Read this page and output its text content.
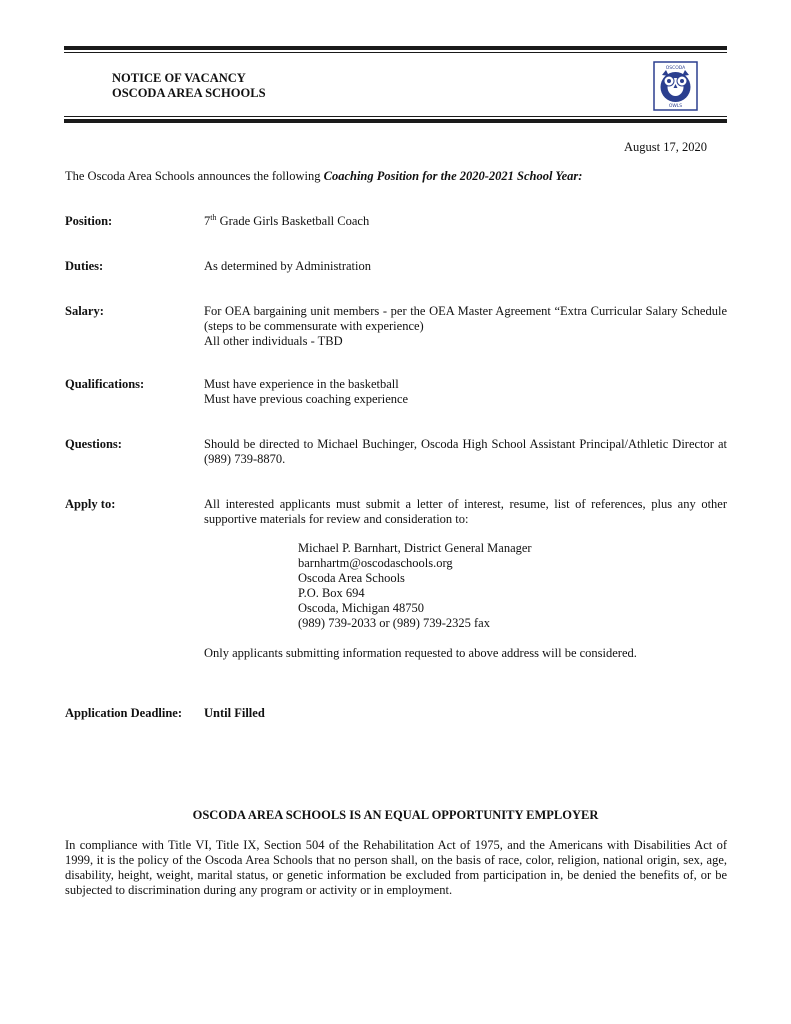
NOTICE OF VACANCY
OSCODA AREA SCHOOLS
OSCODA
OWLS
August 17, 2020
The Oscoda Area Schools announces the following Coaching Position for the 2020-2021 School Year:
Position:	7th Grade Girls Basketball Coach
Duties:	As determined by Administration
Salary:	For OEA bargaining unit members - per the OEA Master Agreement “Extra Curricular Salary Schedule (steps to be commensurate with experience)
All other individuals - TBD
Qualifications:	Must have experience in the basketball
Must have previous coaching experience
Questions:	Should be directed to Michael Buchinger, Oscoda High School Assistant Principal/Athletic Director at (989) 739-8870.
Apply to:	All interested applicants must submit a letter of interest, resume, list of references, plus any other supportive materials for review and consideration to:
Michael P. Barnhart, District General Manager
barnhartm@oscodaschools.org
Oscoda Area Schools
P.O. Box 694
Oscoda, Michigan 48750
(989) 739-2033 or (989) 739-2325 fax
Only applicants submitting information requested to above address will be considered.
Application Deadline: Until Filled
OSCODA AREA SCHOOLS IS AN EQUAL OPPORTUNITY EMPLOYER
In compliance with Title VI, Title IX, Section 504 of the Rehabilitation Act of 1975, and the Americans with Disabilities Act of 1999, it is the policy of the Oscoda Area Schools that no person shall, on the basis of race, color, religion, national origin, sex, age, disability, height, weight, marital status, or genetic information be excluded from participation in, be denied the benefits of, or be subjected to discrimination during any program or activity or in employment.
